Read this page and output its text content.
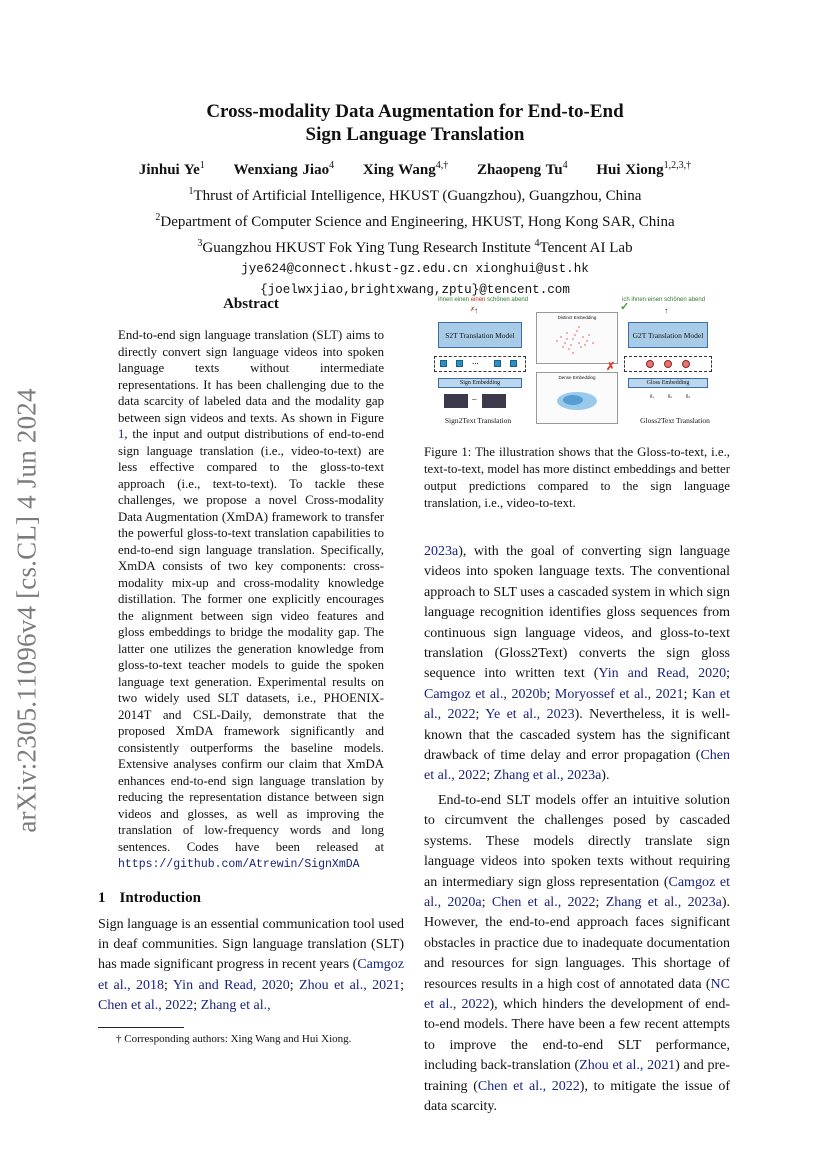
arXiv:2305.11096v4 [cs.CL] 4 Jun 2024
Cross-modality Data Augmentation for End-to-End
Sign Language Translation
Jinhui Ye$^1$ Wenxiang Jiao$^4$ Xing Wang$^{4,\dagger}$ Zhaopeng Tu$^4$ Hui Xiong$^{1,2,3,\dagger}$
$^1$Thrust of Artificial Intelligence, HKUST (Guangzhou), Guangzhou, China
$^2$Department of Computer Science and Engineering, HKUST, Hong Kong SAR, China
$^3$Guangzhou HKUST Fok Ying Tung Research Institute $^4$Tencent AI Lab
jye624@connect.hkust-gz.edu.cn xionghui@ust.hk
{joelwxjiao,brightxwang,zptu}@tencent.com
Abstract
End-to-end sign language translation (SLT) aims to directly convert sign language videos into spoken language texts without intermediate representations. It has been challenging due to the data scarcity of labeled data and the modality gap between sign videos and texts. As shown in Figure 1, the input and output distributions of end-to-end sign language translation (i.e., video-to-text) are less effective compared to the gloss-to-text approach (i.e., text-to-text). To tackle these challenges, we propose a novel Cross-modality Data Augmentation (XmDA) framework to transfer the powerful gloss-to-text translation capabilities to end-to-end sign language translation. Specifically, XmDA consists of two key components: cross-modality mix-up and cross-modality knowledge distillation. The former one explicitly encourages the alignment between sign video features and gloss embeddings to bridge the modality gap. The latter one utilizes the generation knowledge from gloss-to-text teacher models to guide the spoken language text generation. Experimental results on two widely used SLT datasets, i.e., PHOENIX-2014T and CSL-Daily, demonstrate that the proposed XmDA framework significantly and consistently outperforms the baseline models. Extensive analyses confirm our claim that XmDA enhances end-to-end sign language translation by reducing the representation distance between sign videos and glosses, as well as improving the translation of low-frequency words and long sentences. Codes have been released at https://github.com/Atrewin/SignXmDA
1 Introduction
Sign language is an essential communication tool used in deaf communities. Sign language translation (SLT) has made significant progress in recent years (Camgoz et al., 2018; Yin and Read, 2020; Zhou et al., 2021; Chen et al., 2022; Zhang et al.,
† Corresponding authors: Xing Wang and Hui Xiong.
ihnen einen einen schönen abend
✗
↑
S2T Translation Model
...
Sign Embedding
–
Sign2Text Translation
Distinct Embedding
✓
Dense Embedding
✗
ich ihnen einen schönen abend
↑
G2T Translation Model
Gloss Embedding
g₁	g₂	g₃
Gloss2Text Translation
Figure 1: The illustration shows that the Gloss-to-text, i.e., text-to-text, model has more distinct embeddings and better output predictions compared to the sign language translation, i.e., video-to-text.
2023a), with the goal of converting sign language videos into spoken language texts. The conventional approach to SLT uses a cascaded system in which sign language recognition identifies gloss sequences from continuous sign language videos, and gloss-to-text translation (Gloss2Text) converts the sign gloss sequence into written text (Yin and Read, 2020; Camgoz et al., 2020b; Moryossef et al., 2021; Kan et al., 2022; Ye et al., 2023). Nevertheless, it is well-known that the cascaded system has the significant drawback of time delay and error propagation (Chen et al., 2022; Zhang et al., 2023a).
End-to-end SLT models offer an intuitive solution to circumvent the challenges posed by cascaded systems. These models directly translate sign language videos into spoken texts without requiring an intermediary sign gloss representation (Camgoz et al., 2020a; Chen et al., 2022; Zhang et al., 2023a). However, the end-to-end approach faces significant obstacles in practice due to inadequate documentation and resources for sign languages. This shortage of resources results in a high cost of annotated data (NC et al., 2022), which hinders the development of end-to-end models. There have been a few recent attempts to improve the end-to-end SLT performance, including back-translation (Zhou et al., 2021) and pre-training (Chen et al., 2022), to mitigate the issue of data scarcity.
